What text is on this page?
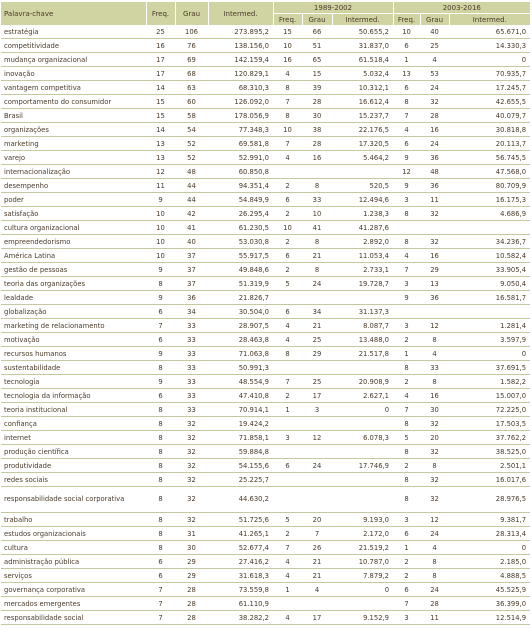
Palavra-chave	Freq.	Grau	Intermed.	1989-2002			2003-2016		
				Freq.	Grau	Intermed.	Freq.	Grau	Intermed.
estratégia	25	106	273.895,2	15	66	50.655,2	10	40	65.671,0
competitividade	16	76	138.156,0	10	51	31.837,0	6	25	14.330,3
mudança organizacional	17	69	142.159,4	16	65	61.518,4	1	4	0
inovação	17	68	120.829,1	4	15	5.032,4	13	53	70.935,7
vantagem competitiva	14	63	68.310,3	8	39	10.312,1	6	24	17.245,7
comportamento do consumidor	15	60	126.092,0	7	28	16.612,4	8	32	42.655,5
Brasil	15	58	178.056,9	8	30	15.237,7	7	28	40.079,7
organizações	14	54	77.348,3	10	38	22.176,5	4	16	30.818,8
marketing	13	52	69.581,8	7	28	17.320,5	6	24	20.113,7
varejo	13	52	52.991,0	4	16	5.464,2	9	36	56.745,5
internacionalização	12	48	60.850,8				12	48	47.568,0
desempenho	11	44	94.351,4	2	8	520,5	9	36	80.709,9
poder	9	44	54.849,9	6	33	12.494,6	3	11	16.175,3
satisfação	10	42	26.295,4	2	10	1.238,3	8	32	4.686,9
cultura organizacional	10	41	61.230,5	10	41	41.287,6			
empreendedorismo	10	40	53.030,8	2	8	2.892,0	8	32	34.236,7
América Latina	10	37	55.917,5	6	21	11.053,4	4	16	10.582,4
gestão de pessoas	9	37	49.848,6	2	8	2.733,1	7	29	33.905,4
teoria das organizações	8	37	51.319,9	5	24	19.728,7	3	13	9.050,4
lealdade	9	36	21.826,7				9	36	16.581,7
globalização	6	34	30.504,0	6	34	31.137,3			
marketing de relacionamento	7	33	28.907,5	4	21	8.087,7	3	12	1.281,4
motivação	6	33	28.463,8	4	25	13.488,0	2	8	3.597,9
recursos humanos	9	33	71.063,8	8	29	21.517,8	1	4	0
sustentabilidade	8	33	50.991,3				8	33	37.691,5
tecnologia	9	33	48.554,9	7	25	20.908,9	2	8	1.582,2
tecnologia da informação	6	33	47.410,8	2	17	2.627,1	4	16	15.007,0
teoria institucional	8	33	70.914,1	1	3	0	7	30	72.225,0
confiança	8	32	19.424,2				8	32	17.503,5
internet	8	32	71.858,1	3	12	6.078,3	5	20	37.762,2
produção científica	8	32	59.884,8				8	32	38.525,0
produtividade	8	32	54.155,6	6	24	17.746,9	2	8	2.501,1
redes sociais	8	32	25.225,7				8	32	16.017,6
responsabilidade social corporativa	8	32	44.630,2				8	32	28.976,5
trabalho	8	32	51.725,6	5	20	9.193,0	3	12	9.381,7
estudos organizacionais	8	31	41.265,1	2	7	2.172,0	6	24	28.313,4
cultura	8	30	52.677,4	7	26	21.519,2	1	4	0
administração pública	6	29	27.416,2	4	21	10.787,0	2	8	2.185,0
serviços	6	29	31.618,3	4	21	7.879,2	2	8	4.888,5
governança corporativa	7	28	73.559,8	1	4	0	6	24	45.525,9
mercados emergentes	7	28	61.110,9				7	28	36.399,0
responsabilidade social	7	28	38.282,2	4	17	9.152,9	3	11	12.514,9
